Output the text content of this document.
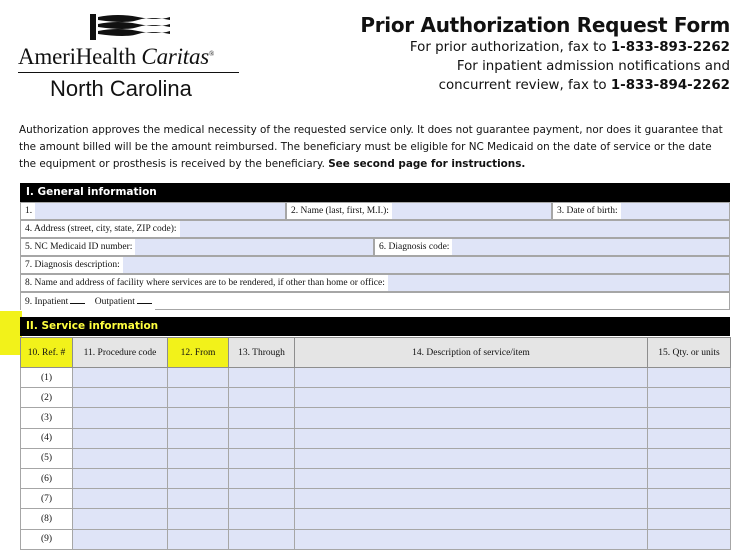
AmeriHealth Caritas®
North Carolina
Prior Authorization Request Form
For prior authorization, fax to 1-833-893-2262
For inpatient admission notifications and
concurrent review, fax to 1-833-894-2262

Authorization approves the medical necessity of the requested service only. It does not guarantee payment, nor does it guarantee that the amount billed will be the amount reimbursed. The beneficiary must be eligible for NC Medicaid on the date of service or the date the equipment or prosthesis is received by the beneficiary. See second page for instructions.

I. General information
1.	2. Name (last, first, M.I.):	3. Date of birth:
4. Address (street, city, state, ZIP code):
5. NC Medicaid ID number:	6. Diagnosis code:
7. Diagnosis description:
8. Name and address of facility where services are to be rendered, if other than home or office:
9. Inpatient	Outpatient
II. Service information
10. Ref. #	11. Procedure code	12. From	13. Through	14. Description of service/item	15. Qty. or units
(1)					
(2)					
(3)					
(4)					
(5)					
(6)					
(7)					
(8)					
(9)					
